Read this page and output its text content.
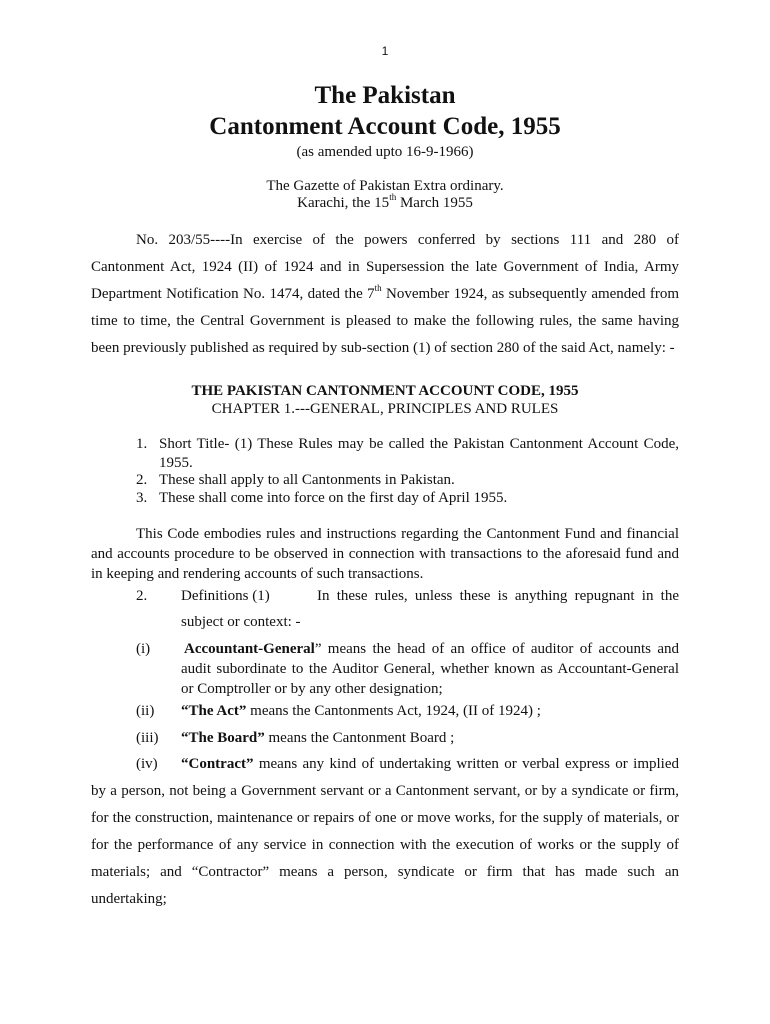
1
The Pakistan
Cantonment Account Code, 1955
(as amended upto 16-9-1966)
The Gazette of Pakistan Extra ordinary.
Karachi, the 15th March 1955
No. 203/55----In exercise of the powers conferred by sections 111 and 280 of
Cantonment Act, 1924 (II) of 1924 and in Supersession the late Government of India, Army
Department Notification No. 1474, dated the 7th November 1924, as subsequently amended from
time to time, the Central Government is pleased to make the following rules, the same having
been previously published as required by sub-section (1) of section 280 of the said Act, namely: -
THE PAKISTAN CANTONMENT ACCOUNT CODE, 1955
CHAPTER 1.---GENERAL, PRINCIPLES AND RULES
1. Short Title- (1) These Rules may be called the Pakistan Cantonment Account Code,
1955.
2. These shall apply to all Cantonments in Pakistan.
3. These shall come into force on the first day of April 1955.
This Code embodies rules and instructions regarding the Cantonment Fund and financial
and accounts procedure to be observed in connection with transactions to the aforesaid fund and
in keeping and rendering accounts of such transactions.
2. Definitions (1)	In these rules, unless these is anything repugnant in the
subject or context: -
(i) Accountant-General” means the head of an office of auditor of accounts and
audit subordinate to the Auditor General, whether known as Accountant-General
or Comptroller or by any other designation;
(ii) “The Act” means the Cantonments Act, 1924, (II of 1924) ;
(iii) “The Board” means the Cantonment Board ;
(iv) “Contract” means any kind of undertaking written or verbal express or implied
by a person, not being a Government servant or a Cantonment servant, or by a syndicate or firm,
for the construction, maintenance or repairs of one or move works, for the supply of materials, or
for the performance of any service in connection with the execution of works or the supply of
materials; and “Contractor” means a person, syndicate or firm that has made such an
undertaking;
